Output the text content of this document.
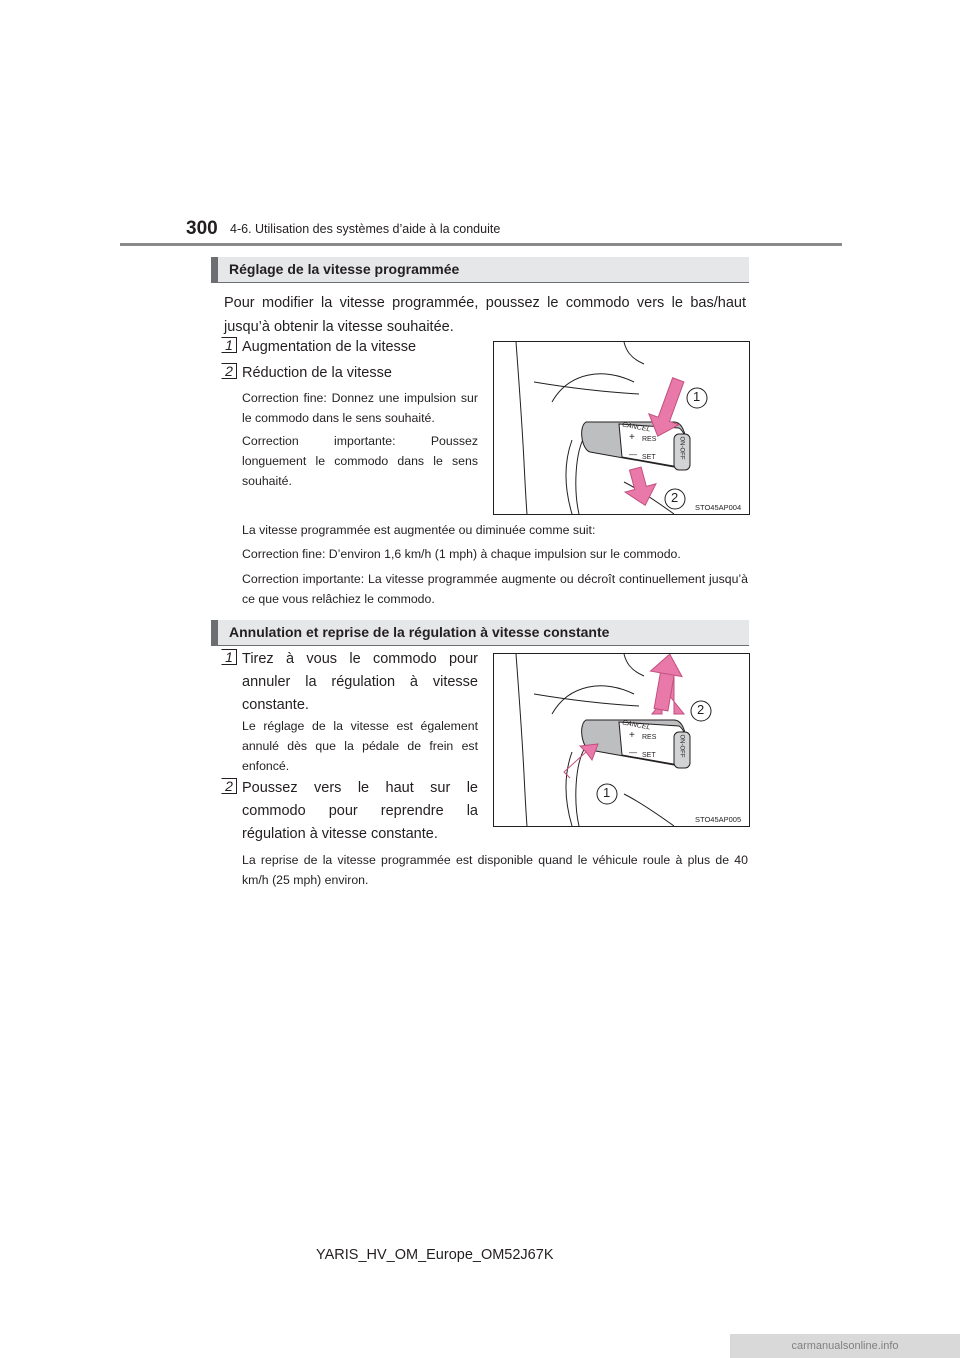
300 4-6. Utilisation des systèmes d’aide à la conduite
Réglage de la vitesse programmée
Pour modifier la vitesse programmée, poussez le commodo vers le bas/haut jusqu’à obtenir la vitesse souhaitée.
1 Augmentation de la vitesse
2 Réduction de la vitesse
Correction fine: Donnez une impulsion sur le commodo dans le sens souhaité.
Correction importante: Poussez longuement le commodo dans le sens souhaité.
1
2
CANCEL
+ RES
— SET	ON-OFF
STO45AP004
La vitesse programmée est augmentée ou diminuée comme suit:
Correction fine: D’environ 1,6 km/h (1 mph) à chaque impulsion sur le commodo.
Correction importante: La vitesse programmée augmente ou décroît continuellement jusqu’à ce que vous relâchiez le commodo.
Annulation et reprise de la régulation à vitesse constante
1 Tirez à vous le commodo pour annuler la régulation à vitesse constante.
Le réglage de la vitesse est également annulé dès que la pédale de frein est enfoncé.
2 Poussez vers le haut sur le commodo pour reprendre la régulation à vitesse constante.
2
1
CANCEL
+ RES
— SET	ON-OFF
STO45AP005
La reprise de la vitesse programmée est disponible quand le véhicule roule à plus de 40 km/h (25 mph) environ.
YARIS_HV_OM_Europe_OM52J67K
carmanualsonline.info
